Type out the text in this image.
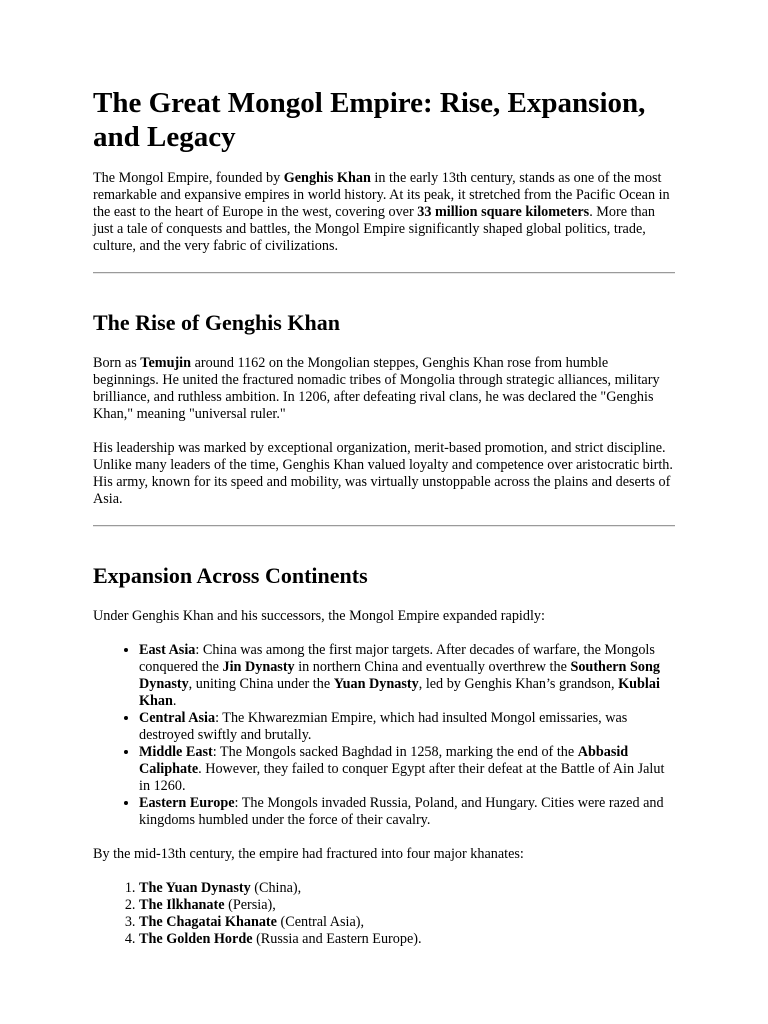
The Great Mongol Empire: Rise, Expansion, and Legacy

The Mongol Empire, founded by Genghis Khan in the early 13th century, stands as one of the most remarkable and expansive empires in world history. At its peak, it stretched from the Pacific Ocean in the east to the heart of Europe in the west, covering over 33 million square kilometers. More than just a tale of conquests and battles, the Mongol Empire significantly shaped global politics, trade, culture, and the very fabric of civilizations.

The Rise of Genghis Khan

Born as Temujin around 1162 on the Mongolian steppes, Genghis Khan rose from humble beginnings. He united the fractured nomadic tribes of Mongolia through strategic alliances, military brilliance, and ruthless ambition. In 1206, after defeating rival clans, he was declared the "Genghis Khan," meaning "universal ruler."

His leadership was marked by exceptional organization, merit-based promotion, and strict discipline. Unlike many leaders of the time, Genghis Khan valued loyalty and competence over aristocratic birth. His army, known for its speed and mobility, was virtually unstoppable across the plains and deserts of Asia.

Expansion Across Continents

Under Genghis Khan and his successors, the Mongol Empire expanded rapidly:

• East Asia: China was among the first major targets. After decades of warfare, the Mongols conquered the Jin Dynasty in northern China and eventually overthrew the Southern Song Dynasty, uniting China under the Yuan Dynasty, led by Genghis Khan’s grandson, Kublai Khan.
• Central Asia: The Khwarezmian Empire, which had insulted Mongol emissaries, was destroyed swiftly and brutally.
• Middle East: The Mongols sacked Baghdad in 1258, marking the end of the Abbasid Caliphate. However, they failed to conquer Egypt after their defeat at the Battle of Ain Jalut in 1260.
• Eastern Europe: The Mongols invaded Russia, Poland, and Hungary. Cities were razed and kingdoms humbled under the force of their cavalry.

By the mid-13th century, the empire had fractured into four major khanates:

1. The Yuan Dynasty (China),
2. The Ilkhanate (Persia),
3. The Chagatai Khanate (Central Asia),
4. The Golden Horde (Russia and Eastern Europe).
